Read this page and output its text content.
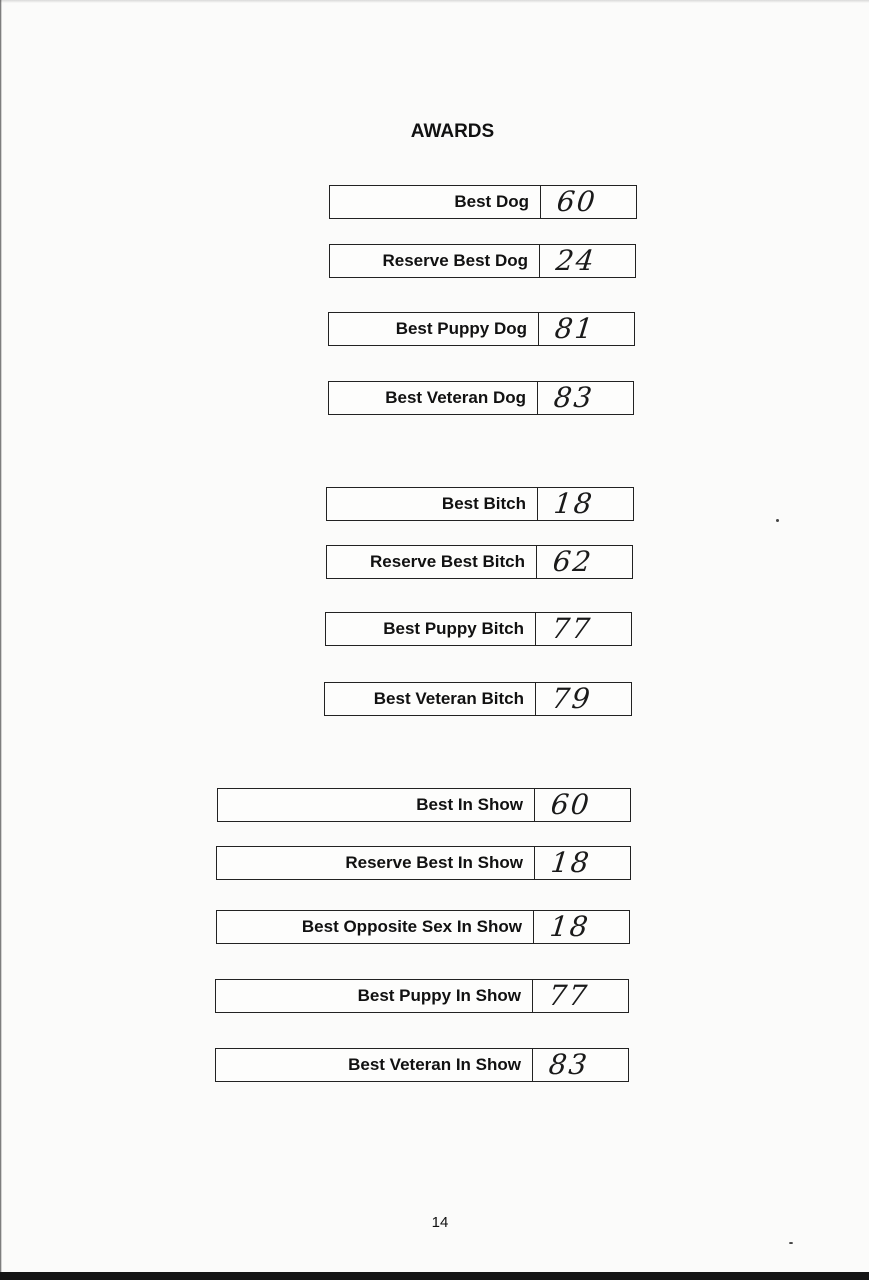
AWARDS
Best Dog 60
Reserve Best Dog 24
Best Puppy Dog 81
Best Veteran Dog 83
Best Bitch 18
Reserve Best Bitch 62
Best Puppy Bitch 77
Best Veteran Bitch 79
Best In Show 60
Reserve Best In Show 18
Best Opposite Sex In Show 18
Best Puppy In Show 77
Best Veteran In Show 83
14
